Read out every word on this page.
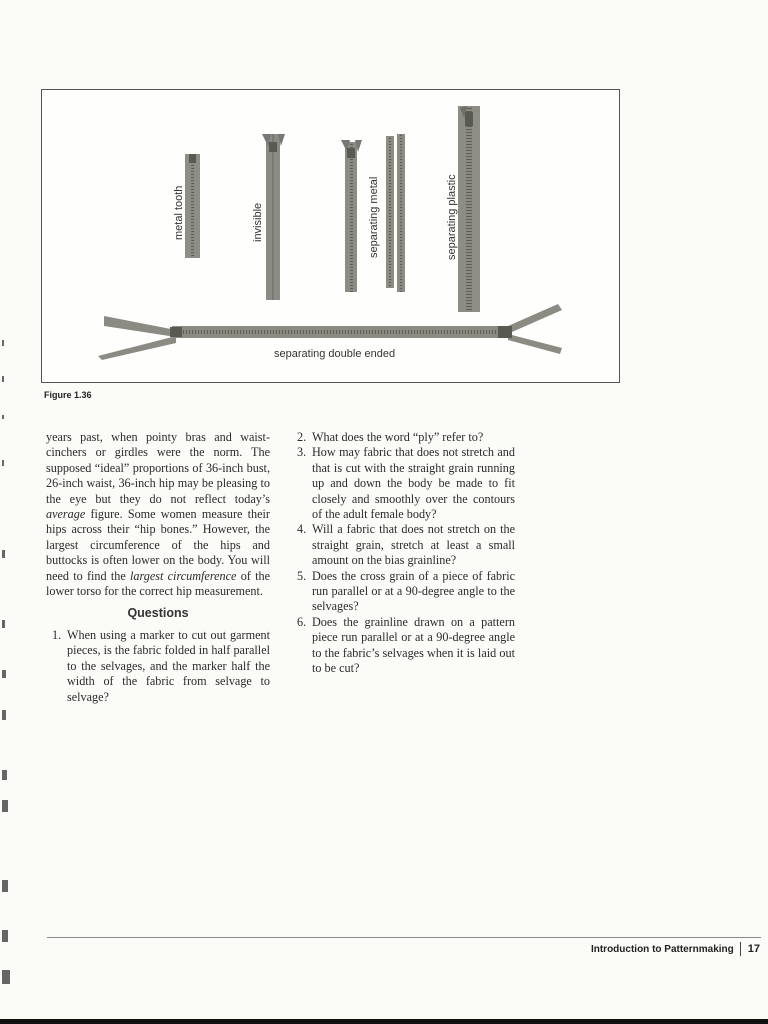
metal tooth	invisible	separating metal	separating plastic
separating double ended
Figure 1.36

years past, when pointy bras and waist-cinchers or girdles were the norm. The supposed “ideal” proportions of 36-inch bust, 26-inch waist, 36-inch hip may be pleasing to the eye but they do not reflect today’s average figure. Some women measure their hips across their “hip bones.” However, the largest circumference of the hips and buttocks is often lower on the body. You will need to find the largest circumference of the lower torso for the correct hip measurement.

Questions
1. When using a marker to cut out garment pieces, is the fabric folded in half parallel to the selvages, and the marker half the width of the fabric from selvage to selvage?
2. What does the word “ply” refer to?
3. How may fabric that does not stretch and that is cut with the straight grain running up and down the body be made to fit closely and smoothly over the contours of the adult female body?
4. Will a fabric that does not stretch on the straight grain, stretch at least a small amount on the bias grainline?
5. Does the cross grain of a piece of fabric run parallel or at a 90-degree angle to the selvages?
6. Does the grainline drawn on a pattern piece run parallel or at a 90-degree angle to the fabric’s selvages when it is laid out to be cut?
Introduction to Patternmaking 17
